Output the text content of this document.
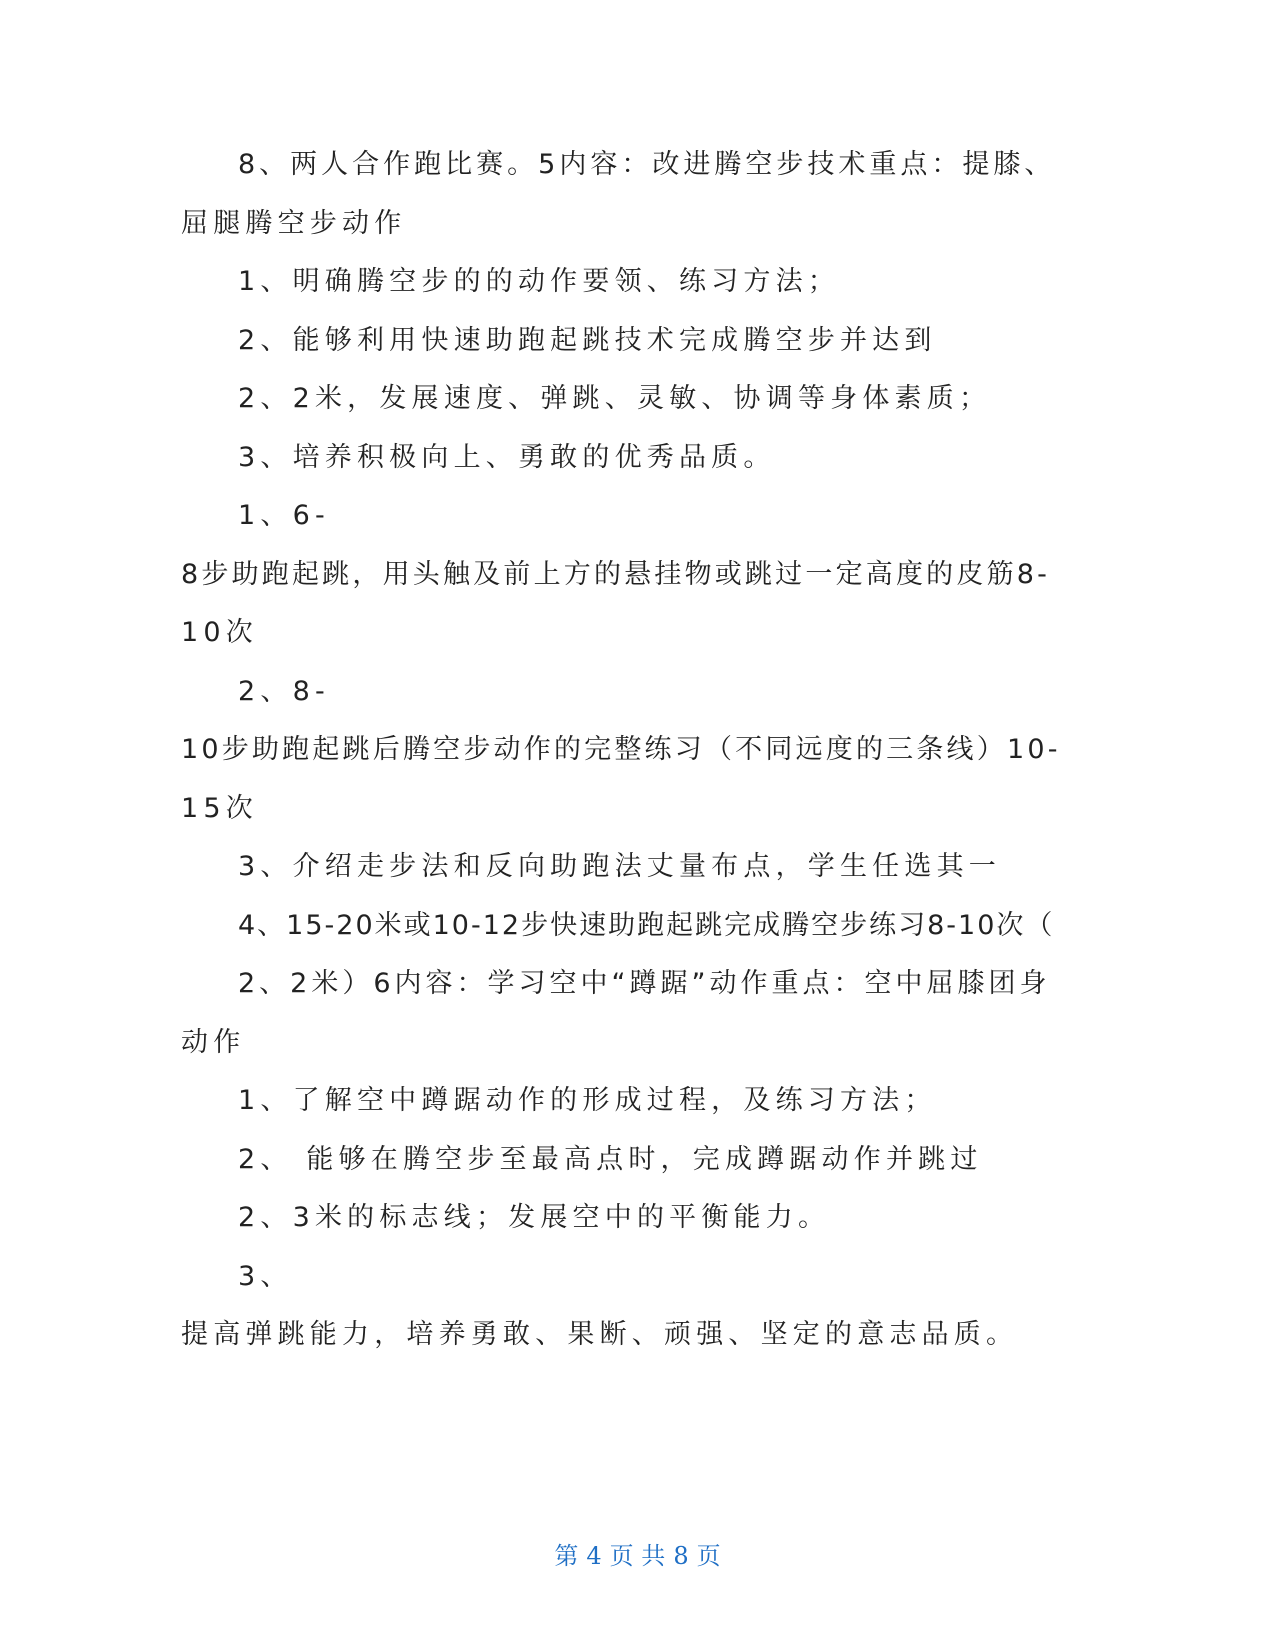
8、两人合作跑比赛。5内容：改进腾空步技术重点：提膝、
屈腿腾空步动作
1、明确腾空步的的动作要领、练习方法；
2、能够利用快速助跑起跳技术完成腾空步并达到
2、2米，发展速度、弹跳、灵敏、协调等身体素质；
3、培养积极向上、勇敢的优秀品质。
1、6-
8步助跑起跳，用头触及前上方的悬挂物或跳过一定高度的皮筋8-
10次
2、8-
10步助跑起跳后腾空步动作的完整练习（不同远度的三条线）10-
15次
3、介绍走步法和反向助跑法丈量布点，学生任选其一
4、15-20米或10-12步快速助跑起跳完成腾空步练习8-10次（
2、2米）6内容：学习空中“蹲踞”动作重点：空中屈膝团身
动作
1、了解空中蹲踞动作的形成过程，及练习方法；
2、 能够在腾空步至最高点时，完成蹲踞动作并跳过
2、3米的标志线；发展空中的平衡能力。
3、
提高弹跳能力，培养勇敢、果断、顽强、坚定的意志品质。
第 4 页 共 8 页
